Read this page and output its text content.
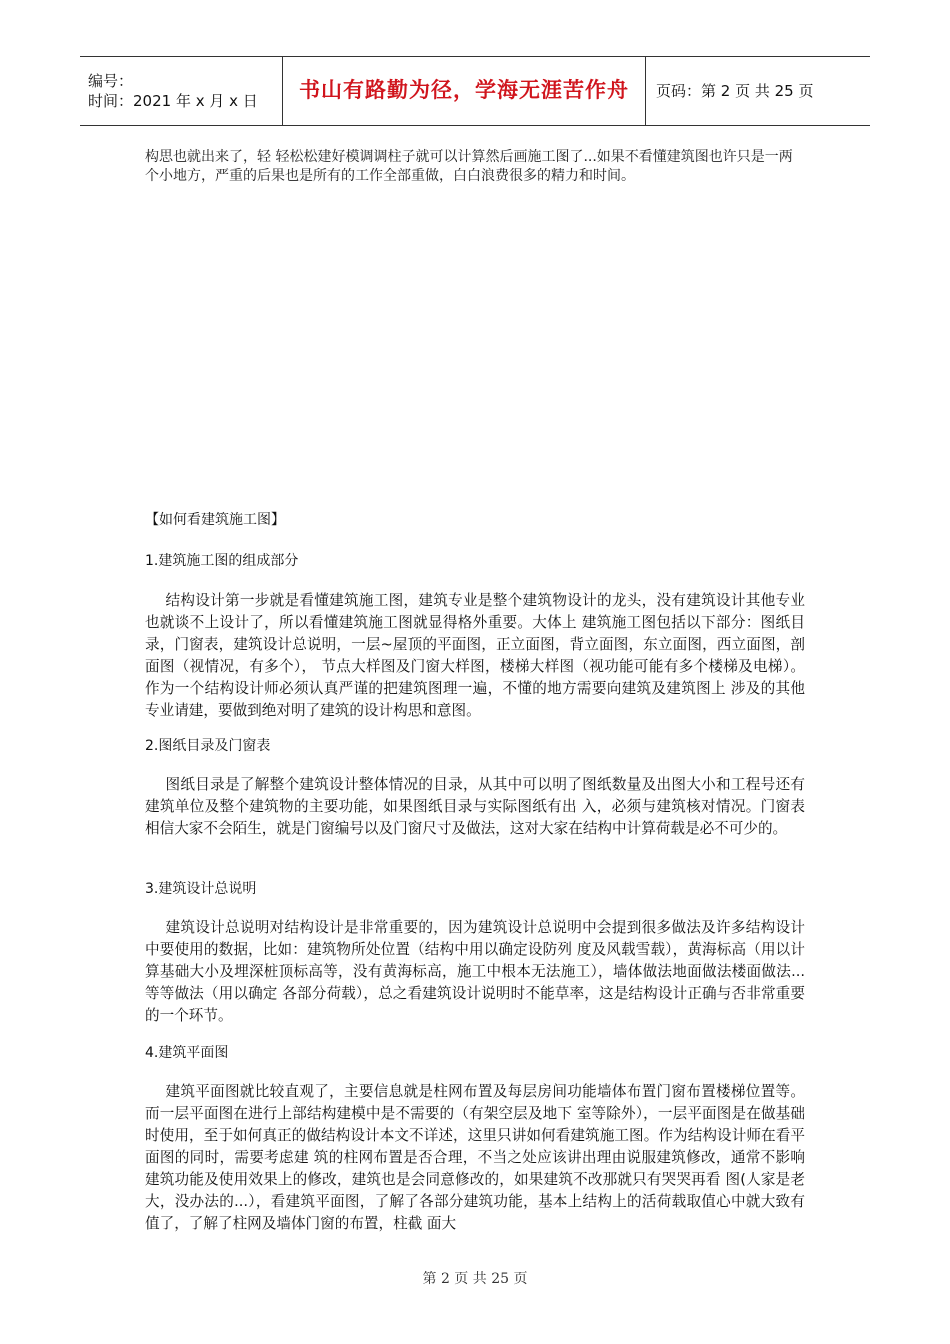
编号：
时间：2021 年 x 月 x 日	书山有路勤为径，学海无涯苦作舟	页码：第 2 页 共 25 页
构思也就出来了，轻 轻松松建好模调调柱子就可以计算然后画施工图了...如果不看懂建筑图也许只是一两个小地方，严重的后果也是所有的工作全部重做，白白浪费很多的精力和时间。
【如何看建筑施工图】
1.建筑施工图的组成部分
结构设计第一步就是看懂建筑施工图，建筑专业是整个建筑物设计的龙头，没有建筑设计其他专业也就谈不上设计了，所以看懂建筑施工图就显得格外重要。大体上 建筑施工图包括以下部分：图纸目录，门窗表，建筑设计总说明，一层~屋顶的平面图，正立面图，背立面图，东立面图，西立面图，剖面图（视情况，有多个）， 节点大样图及门窗大样图，楼梯大样图（视功能可能有多个楼梯及电梯）。作为一个结构设计师必须认真严谨的把建筑图理一遍，不懂的地方需要向建筑及建筑图上 涉及的其他专业请建，要做到绝对明了建筑的设计构思和意图。
2.图纸目录及门窗表
图纸目录是了解整个建筑设计整体情况的目录，从其中可以明了图纸数量及出图大小和工程号还有建筑单位及整个建筑物的主要功能，如果图纸目录与实际图纸有出 入，必须与建筑核对情况。门窗表相信大家不会陌生，就是门窗编号以及门窗尺寸及做法，这对大家在结构中计算荷载是必不可少的。
3.建筑设计总说明
建筑设计总说明对结构设计是非常重要的，因为建筑设计总说明中会提到很多做法及许多结构设计中要使用的数据，比如：建筑物所处位置（结构中用以确定设防列 度及风载雪载），黄海标高（用以计算基础大小及埋深桩顶标高等，没有黄海标高，施工中根本无法施工），墙体做法地面做法楼面做法...等等做法（用以确定 各部分荷载），总之看建筑设计说明时不能草率，这是结构设计正确与否非常重要的一个环节。
4.建筑平面图
建筑平面图就比较直观了，主要信息就是柱网布置及每层房间功能墙体布置门窗布置楼梯位置等。而一层平面图在进行上部结构建模中是不需要的（有架空层及地下 室等除外），一层平面图是在做基础时使用，至于如何真正的做结构设计本文不详述，这里只讲如何看建筑施工图。作为结构设计师在看平面图的同时，需要考虑建 筑的柱网布置是否合理，不当之处应该讲出理由说服建筑修改，通常不影响建筑功能及使用效果上的修改，建筑也是会同意修改的，如果建筑不改那就只有哭哭再看 图(人家是老大，没办法的...），看建筑平面图，了解了各部分建筑功能，基本上结构上的活荷载取值心中就大致有值了，了解了柱网及墙体门窗的布置，柱截 面大
第 2 页 共 25 页
